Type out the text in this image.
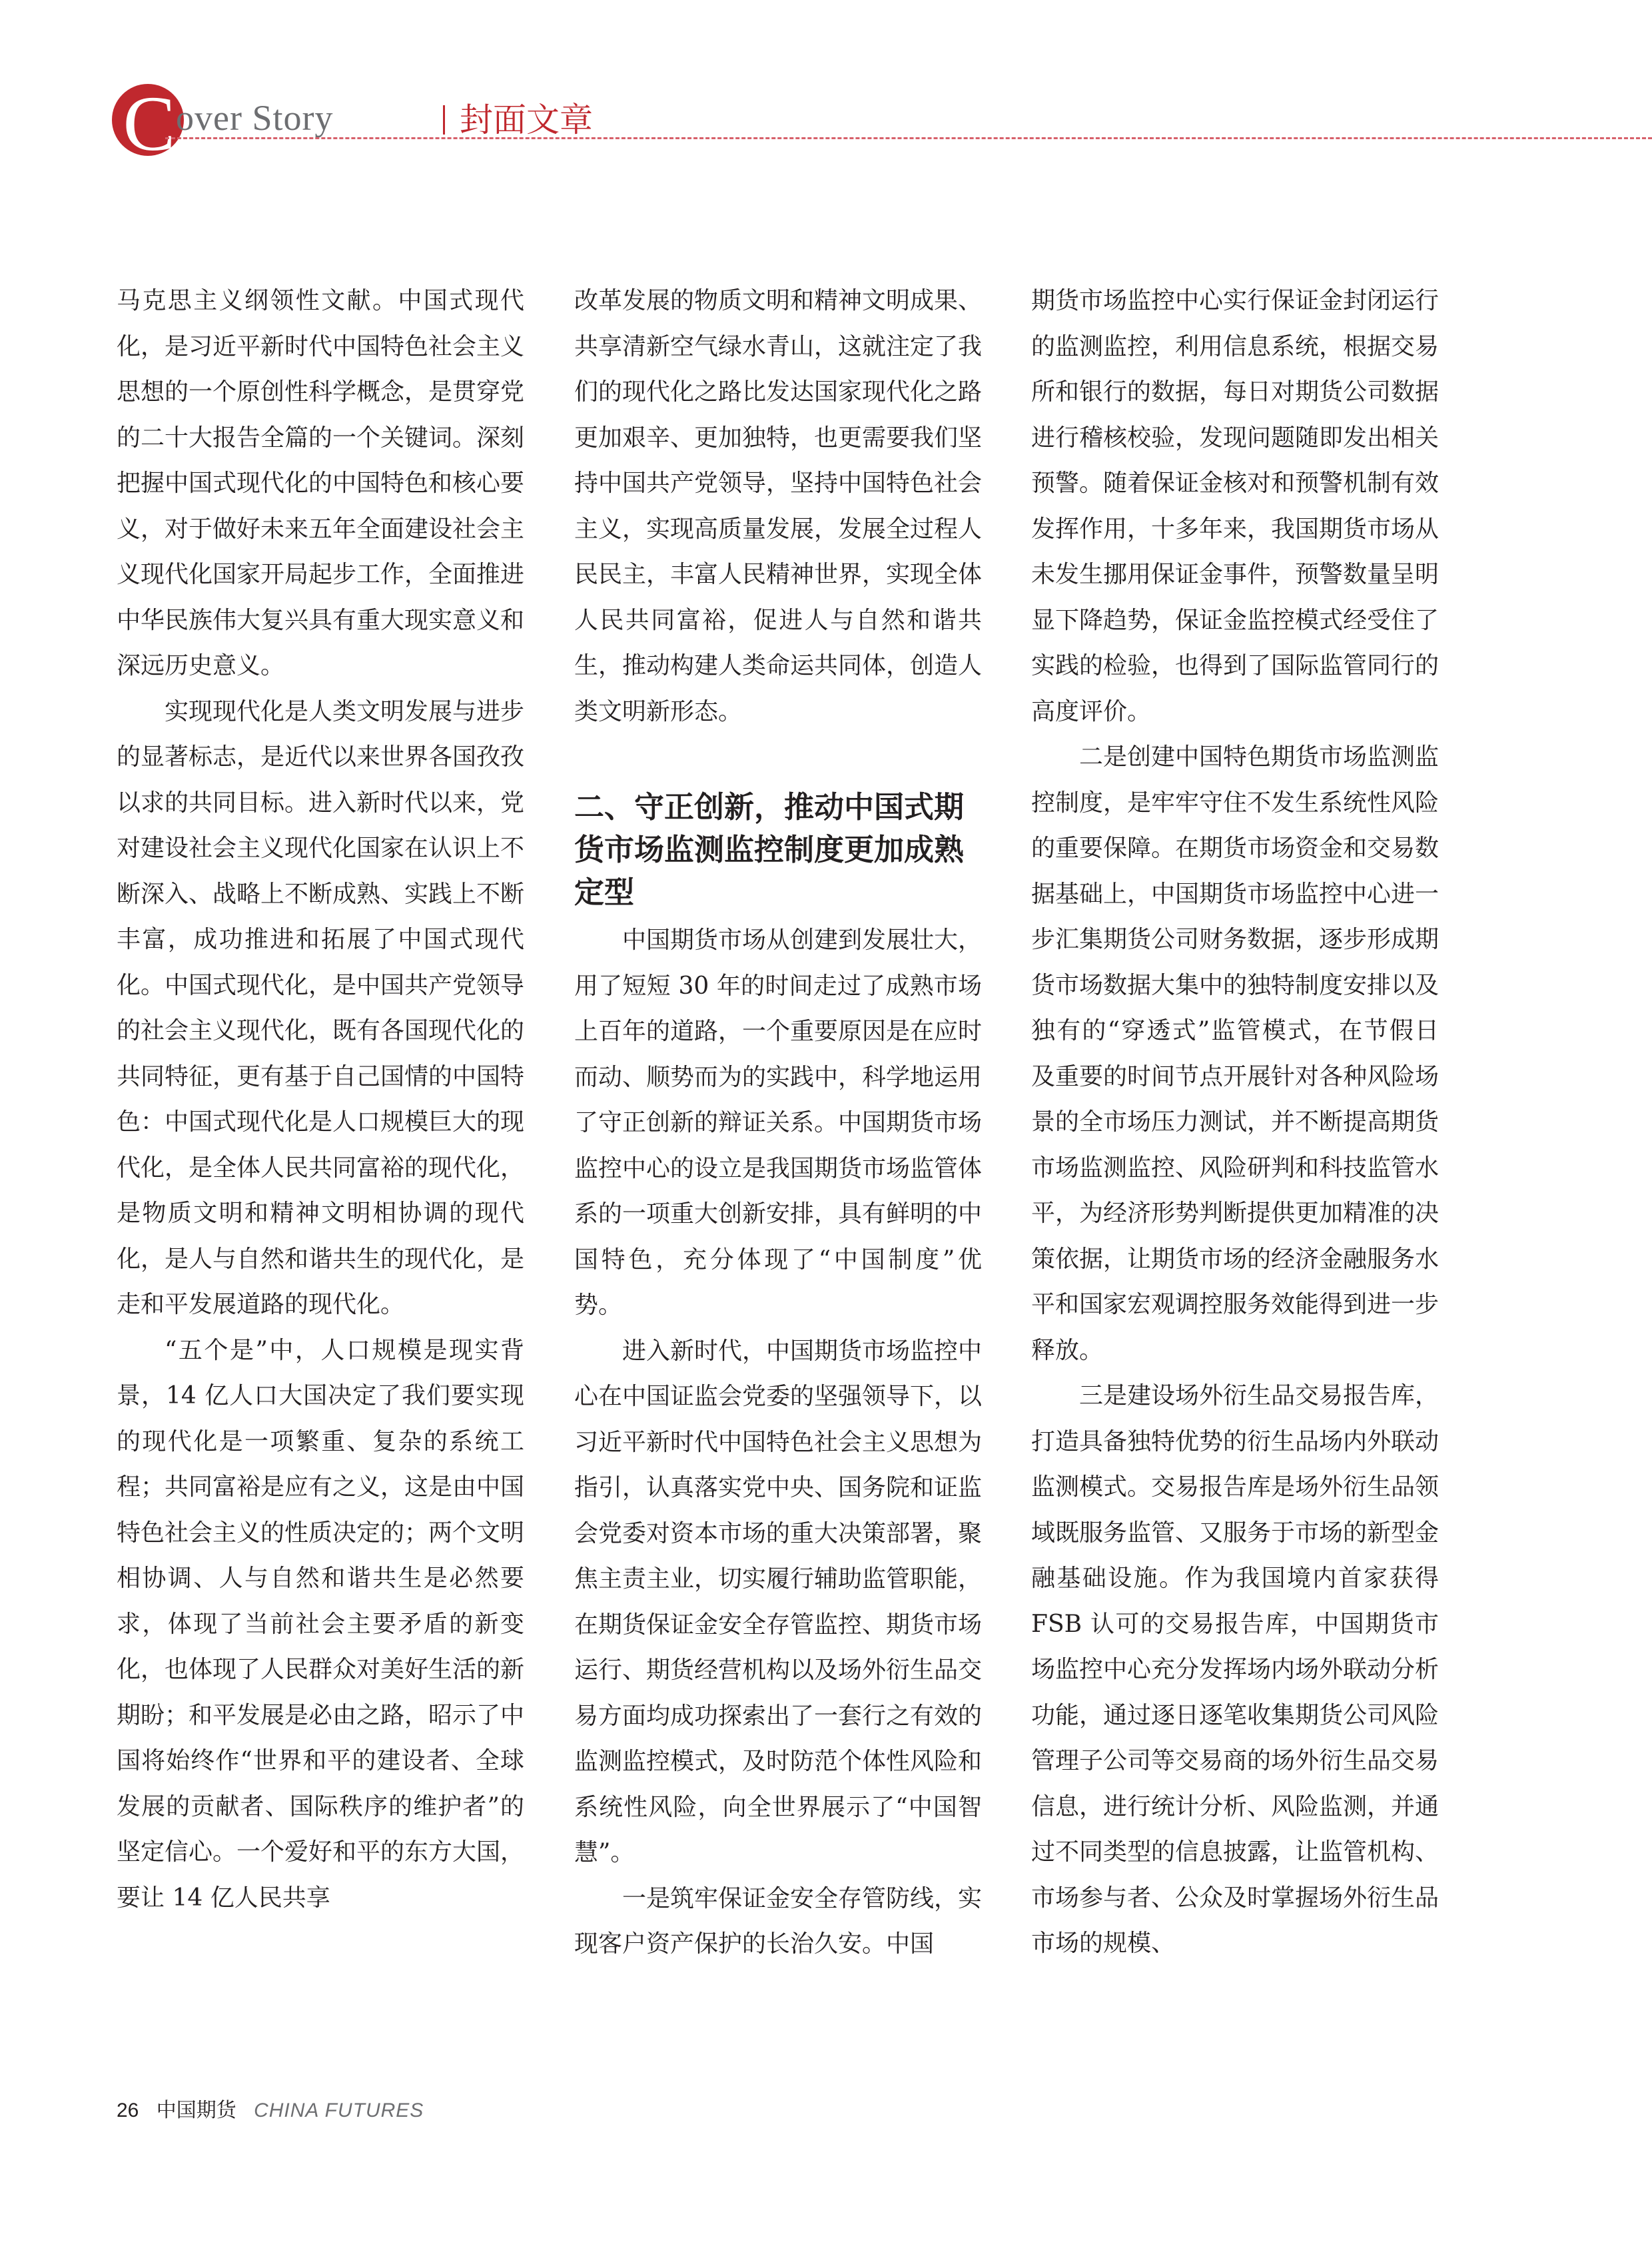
C over Story	封面文章

马克思主义纲领性文献。中国式现代化，是习近平新时代中国特色社会主义思想的一个原创性科学概念，是贯穿党的二十大报告全篇的一个关键词。深刻把握中国式现代化的中国特色和核心要义，对于做好未来五年全面建设社会主义现代化国家开局起步工作，全面推进中华民族伟大复兴具有重大现实意义和深远历史意义。

实现现代化是人类文明发展与进步的显著标志，是近代以来世界各国孜孜以求的共同目标。进入新时代以来，党对建设社会主义现代化国家在认识上不断深入、战略上不断成熟、实践上不断丰富，成功推进和拓展了中国式现代化。中国式现代化，是中国共产党领导的社会主义现代化，既有各国现代化的共同特征，更有基于自己国情的中国特色：中国式现代化是人口规模巨大的现代化，是全体人民共同富裕的现代化，是物质文明和精神文明相协调的现代化，是人与自然和谐共生的现代化，是走和平发展道路的现代化。

“五个是”中，人口规模是现实背景，14 亿人口大国决定了我们要实现的现代化是一项繁重、复杂的系统工程；共同富裕是应有之义，这是由中国特色社会主义的性质决定的；两个文明相协调、人与自然和谐共生是必然要求，体现了当前社会主要矛盾的新变化，也体现了人民群众对美好生活的新期盼；和平发展是必由之路，昭示了中国将始终作“世界和平的建设者、全球发展的贡献者、国际秩序的维护者”的坚定信心。一个爱好和平的东方大国，要让 14 亿人民共享

改革发展的物质文明和精神文明成果、共享清新空气绿水青山，这就注定了我们的现代化之路比发达国家现代化之路更加艰辛、更加独特，也更需要我们坚持中国共产党领导，坚持中国特色社会主义，实现高质量发展，发展全过程人民民主，丰富人民精神世界，实现全体人民共同富裕，促进人与自然和谐共生，推动构建人类命运共同体，创造人类文明新形态。

二、守正创新，推动中国式期货市场监测监控制度更加成熟定型

中国期货市场从创建到发展壮大，用了短短 30 年的时间走过了成熟市场上百年的道路，一个重要原因是在应时而动、顺势而为的实践中，科学地运用了守正创新的辩证关系。中国期货市场监控中心的设立是我国期货市场监管体系的一项重大创新安排，具有鲜明的中国特色，充分体现了“中国制度”优势。

进入新时代，中国期货市场监控中心在中国证监会党委的坚强领导下，以习近平新时代中国特色社会主义思想为指引，认真落实党中央、国务院和证监会党委对资本市场的重大决策部署，聚焦主责主业，切实履行辅助监管职能，在期货保证金安全存管监控、期货市场运行、期货经营机构以及场外衍生品交易方面均成功探索出了一套行之有效的监测监控模式，及时防范个体性风险和系统性风险，向全世界展示了“中国智慧”。

一是筑牢保证金安全存管防线，实现客户资产保护的长治久安。中国

期货市场监控中心实行保证金封闭运行的监测监控，利用信息系统，根据交易所和银行的数据，每日对期货公司数据进行稽核校验，发现问题随即发出相关预警。随着保证金核对和预警机制有效发挥作用，十多年来，我国期货市场从未发生挪用保证金事件，预警数量呈明显下降趋势，保证金监控模式经受住了实践的检验，也得到了国际监管同行的高度评价。

二是创建中国特色期货市场监测监控制度，是牢牢守住不发生系统性风险的重要保障。在期货市场资金和交易数据基础上，中国期货市场监控中心进一步汇集期货公司财务数据，逐步形成期货市场数据大集中的独特制度安排以及独有的“穿透式”监管模式，在节假日及重要的时间节点开展针对各种风险场景的全市场压力测试，并不断提高期货市场监测监控、风险研判和科技监管水平，为经济形势判断提供更加精准的决策依据，让期货市场的经济金融服务水平和国家宏观调控服务效能得到进一步释放。

三是建设场外衍生品交易报告库，打造具备独特优势的衍生品场内外联动监测模式。交易报告库是场外衍生品领域既服务监管、又服务于市场的新型金融基础设施。作为我国境内首家获得 FSB 认可的交易报告库，中国期货市场监控中心充分发挥场内场外联动分析功能，通过逐日逐笔收集期货公司风险管理子公司等交易商的场外衍生品交易信息，进行统计分析、风险监测，并通过不同类型的信息披露，让监管机构、市场参与者、公众及时掌握场外衍生品市场的规模、

26 中国期货 CHINA FUTURES
